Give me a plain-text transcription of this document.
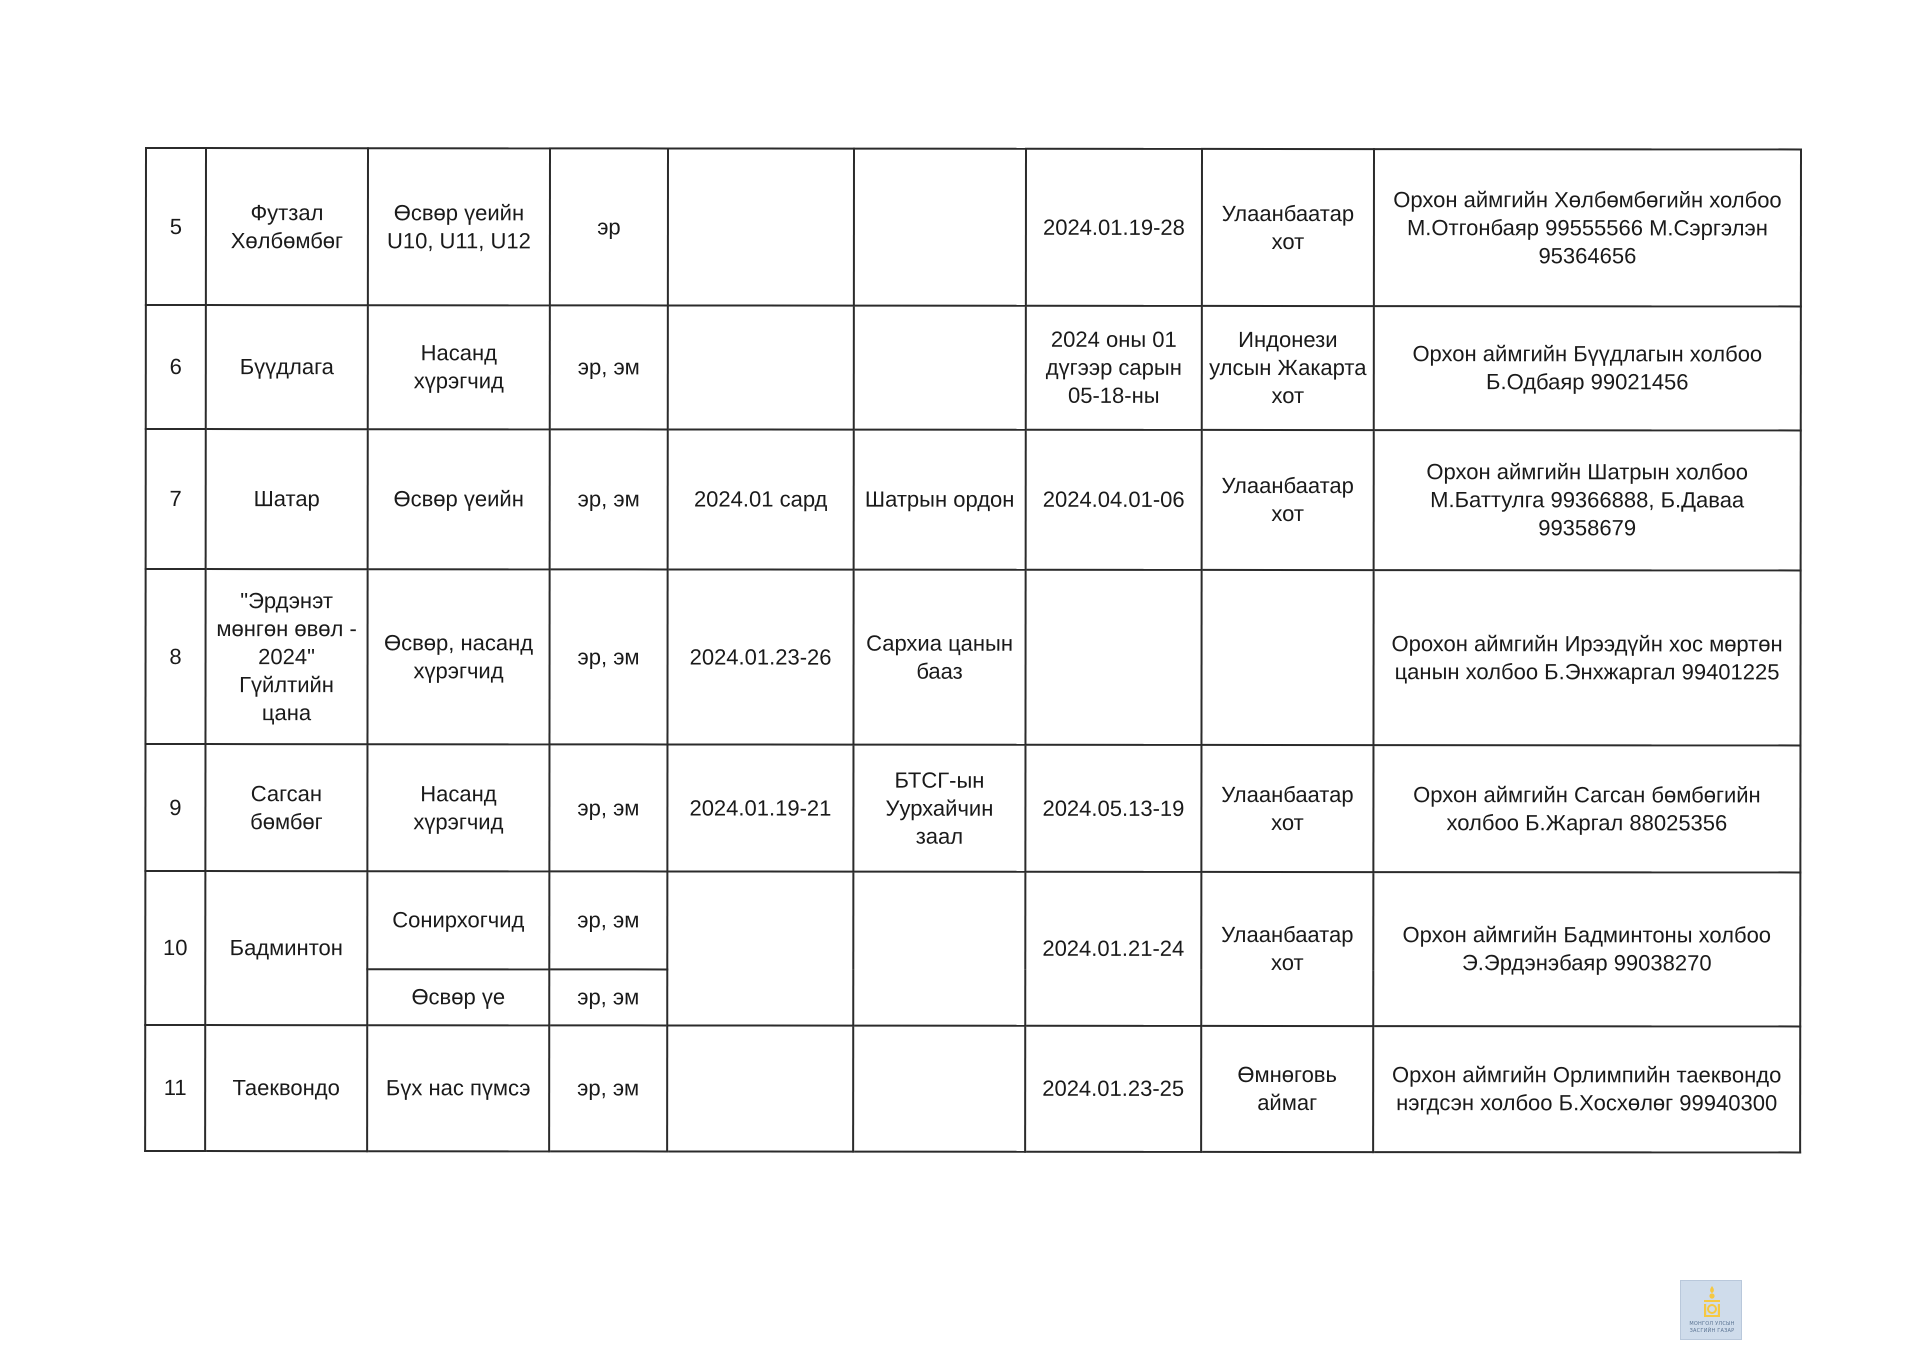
5	Футзал Хөлбөмбөг	Өсвөр үеийн U10, U11, U12	эр			2024.01.19-28	Улаанбаатар хот	Орхон аймгийн Хөлбөмбөгийн холбоо М.Отгонбаяр 99555566 М.Сэргэлэн 95364656
6	Бүүдлага	Насанд хүрэгчид	эр, эм			2024 оны 01 дүгээр сарын 05-18-ны	Индонези улсын Жакарта хот	Орхон аймгийн Бүүдлагын холбоо Б.Одбаяр 99021456
7	Шатар	Өсвөр үеийн	эр, эм	2024.01 сард	Шатрын ордон	2024.04.01-06	Улаанбаатар хот	Орхон аймгийн Шатрын холбоо М.Баттулга 99366888, Б.Даваа 99358679
8	"Эрдэнэт мөнгөн өвөл - 2024" Гүйлтийн цана	Өсвөр, насанд хүрэгчид	эр, эм	2024.01.23-26	Сархиа цанын бааз			Орохон аймгийн Ирээдүйн хос мөртөн цанын холбоо Б.Энхжаргал 99401225
9	Сагсан бөмбөг	Насанд хүрэгчид	эр, эм	2024.01.19-21	БТСГ-ын Уурхайчин заал	2024.05.13-19	Улаанбаатар хот	Орхон аймгийн Сагсан бөмбөгийн холбоо Б.Жаргал 88025356
10	Бадминтон	Сонирхогчид	эр, эм			2024.01.21-24	Улаанбаатар хот	Орхон аймгийн Бадминтоны холбоо Э.Эрдэнэбаяр 99038270
		Өсвөр үе	эр, эм					
11	Таеквондо	Бүх нас пүмсэ	эр, эм			2024.01.23-25	Өмнөговь аймаг	Орхон аймгийн Орлимпийн таеквондо нэгдсэн холбоо Б.Хосхөлөг 99940300
МОНГОЛ УЛСЫН
ЗАСГИЙН ГАЗАР
